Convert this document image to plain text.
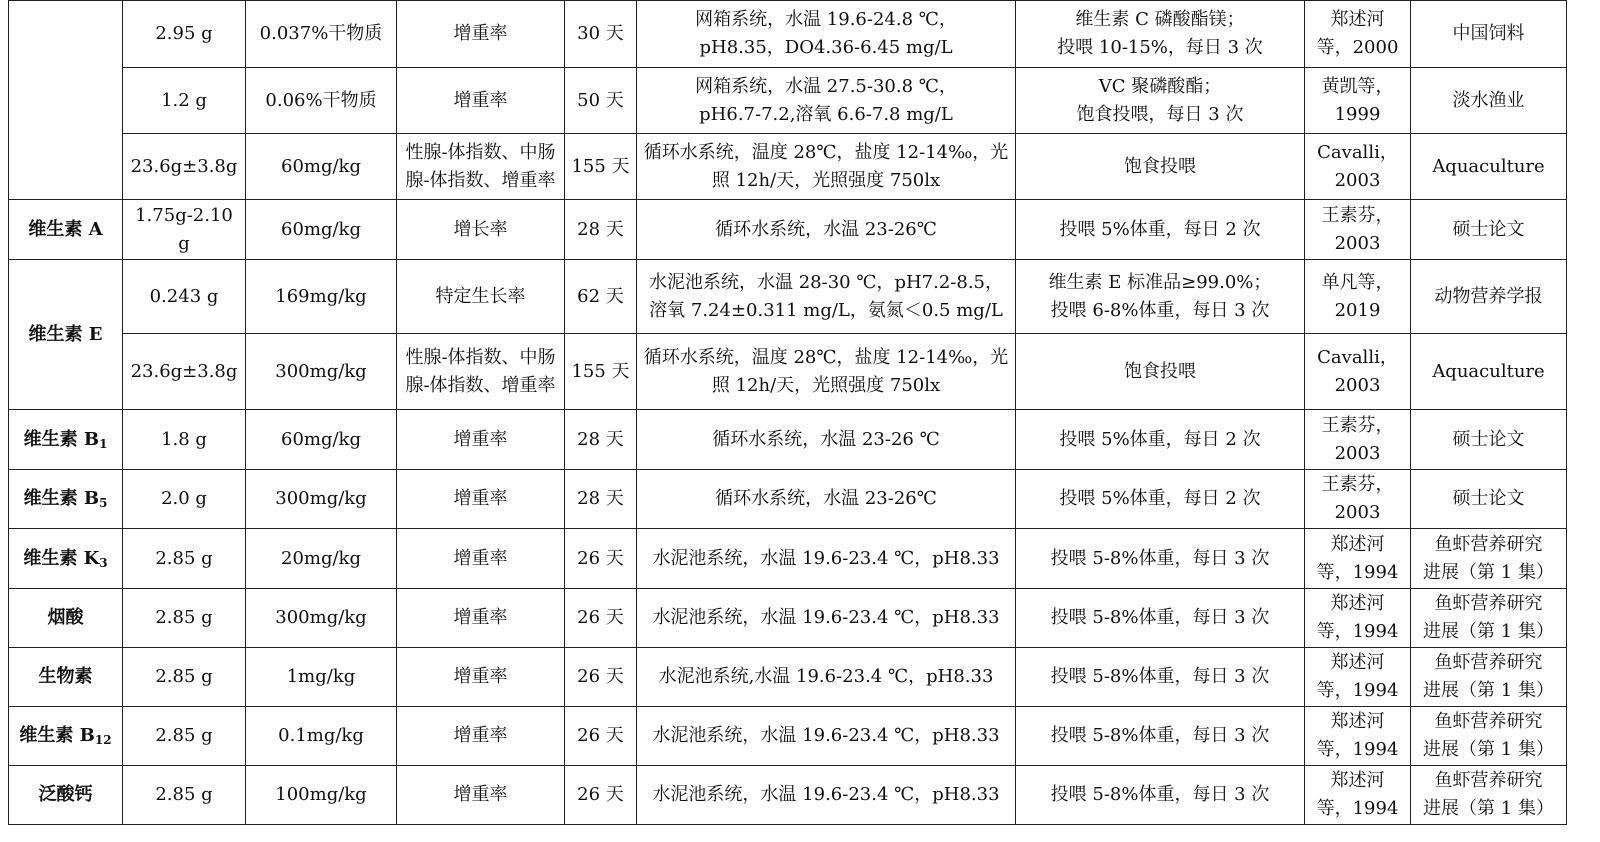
	2.95 g	0.037%干物质	增重率	30 天	网箱系统，水温 19.6-24.8 ℃，
pH8.35，DO4.36-6.45 mg/L	维生素 C 磷酸酯镁；
投喂 10-15%，每日 3 次	郑述河
等，2000	中国饲料

	1.2 g	0.06%干物质	增重率	50 天	网箱系统，水温 27.5-30.8 ℃，
pH6.7-7.2,溶氧 6.6-7.8 mg/L	VC 聚磷酸酯；
饱食投喂，每日 3 次	黄凯等，
1999	淡水渔业

	23.6g±3.8g	60mg/kg	性腺-体指数、中肠
腺-体指数、增重率	155 天	循环水系统，温度 28℃，盐度 12-14‰，光
照 12h/天，光照强度 750lx	饱食投喂	Cavalli，
2003	Aquaculture

维生素 A	1.75g-2.10 g	60mg/kg	增长率	28 天	循环水系统，水温 23-26℃	投喂 5%体重，每日 2 次	王素芬，
2003	硕士论文

维生素 E	0.243 g	169mg/kg	特定生长率	62 天	水泥池系统，水温 28-30 ℃，pH7.2-8.5，
溶氧 7.24±0.311 mg/L，氨氮＜0.5 mg/L	维生素 E 标准品≥99.0%；
投喂 6-8%体重，每日 3 次	单凡等，
2019	动物营养学报

	23.6g±3.8g	300mg/kg	性腺-体指数、中肠
腺-体指数、增重率	155 天	循环水系统，温度 28℃，盐度 12-14‰，光
照 12h/天，光照强度 750lx	饱食投喂	Cavalli，
2003	Aquaculture

维生素 $B_1$	1.8 g	60mg/kg	增重率	28 天	循环水系统，水温 23-26 ℃	投喂 5%体重，每日 2 次	王素芬，
2003	硕士论文

维生素 $B_5$	2.0 g	300mg/kg	增重率	28 天	循环水系统，水温 23-26℃	投喂 5%体重，每日 2 次	王素芬，
2003	硕士论文

维生素 $K_3$	2.85 g	20mg/kg	增重率	26 天	水泥池系统，水温 19.6-23.4 ℃，pH8.33	投喂 5-8%体重，每日 3 次	郑述河
等，1994	鱼虾营养研究
进展（第 1 集）

烟酸	2.85 g	300mg/kg	增重率	26 天	水泥池系统，水温 19.6-23.4 ℃，pH8.33	投喂 5-8%体重，每日 3 次	郑述河
等，1994	鱼虾营养研究
进展（第 1 集）

生物素	2.85 g	1mg/kg	增重率	26 天	水泥池系统,水温 19.6-23.4 ℃，pH8.33	投喂 5-8%体重，每日 3 次	郑述河
等，1994	鱼虾营养研究
进展（第 1 集）

维生素 $B_{12}$	2.85 g	0.1mg/kg	增重率	26 天	水泥池系统，水温 19.6-23.4 ℃，pH8.33	投喂 5-8%体重，每日 3 次	郑述河
等，1994	鱼虾营养研究
进展（第 1 集）

泛酸钙	2.85 g	100mg/kg	增重率	26 天	水泥池系统，水温 19.6-23.4 ℃，pH8.33	投喂 5-8%体重，每日 3 次	郑述河
等，1994	鱼虾营养研究
进展（第 1 集）
